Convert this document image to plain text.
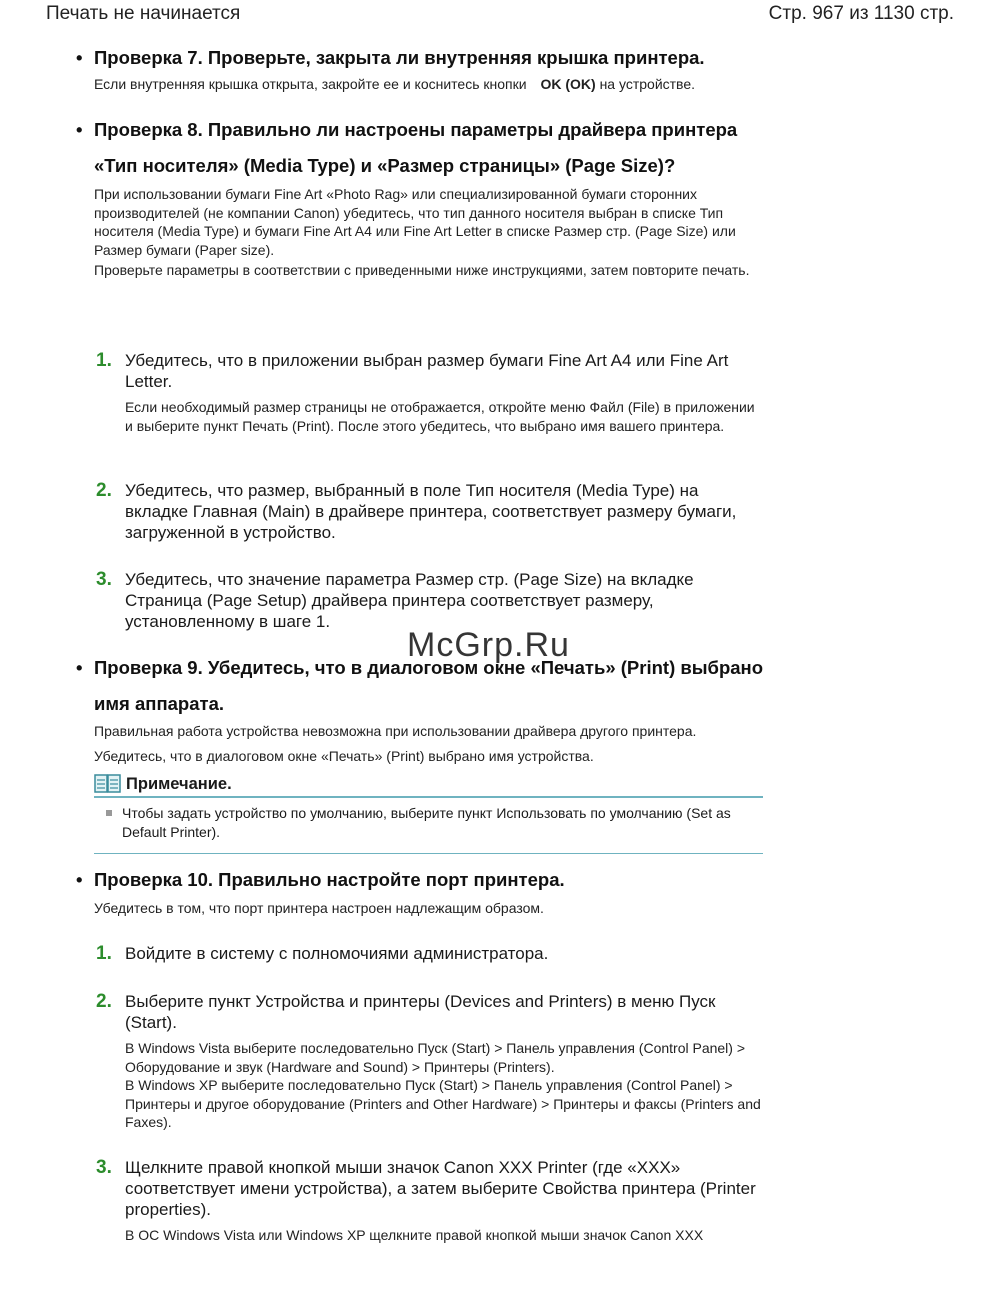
Печать не начинается	Стр. 967 из 1130 стр.
• Проверка 7. Проверьте, закрыта ли внутренняя крышка принтера.
Если внутренняя крышка открыта, закройте ее и коснитесь кнопки OK (OK) на устройстве.
• Проверка 8. Правильно ли настроены параметры драйвера принтера «Тип носителя» (Media Type) и «Размер страницы» (Page Size)?
При использовании бумаги Fine Art «Photo Rag» или специализированной бумаги сторонних производителей (не компании Canon) убедитесь, что тип данного носителя выбран в списке Тип носителя (Media Type) и бумаги Fine Art A4 или Fine Art Letter в списке Размер стр. (Page Size) или Размер бумаги (Paper size).
Проверьте параметры в соответствии с приведенными ниже инструкциями, затем повторите печать.
1. Убедитесь, что в приложении выбран размер бумаги Fine Art A4 или Fine Art Letter.
Если необходимый размер страницы не отображается, откройте меню Файл (File) в приложении и выберите пункт Печать (Print). После этого убедитесь, что выбрано имя вашего принтера.
2. Убедитесь, что размер, выбранный в поле Тип носителя (Media Type) на вкладке Главная (Main) в драйвере принтера, соответствует размеру бумаги, загруженной в устройство.
3. Убедитесь, что значение параметра Размер стр. (Page Size) на вкладке Страница (Page Setup) драйвера принтера соответствует размеру, установленному в шаге 1.
McGrp.Ru
• Проверка 9. Убедитесь, что в диалоговом окне «Печать» (Print) выбрано имя аппарата.
Правильная работа устройства невозможна при использовании драйвера другого принтера.
Убедитесь, что в диалоговом окне «Печать» (Print) выбрано имя устройства.
Примечание.
Чтобы задать устройство по умолчанию, выберите пункт Использовать по умолчанию (Set as Default Printer).
• Проверка 10. Правильно настройте порт принтера.
Убедитесь в том, что порт принтера настроен надлежащим образом.
1. Войдите в систему с полномочиями администратора.
2. Выберите пункт Устройства и принтеры (Devices and Printers) в меню Пуск (Start).
В Windows Vista выберите последовательно Пуск (Start) > Панель управления (Control Panel) > Оборудование и звук (Hardware and Sound) > Принтеры (Printers).
В Windows XP выберите последовательно Пуск (Start) > Панель управления (Control Panel) > Принтеры и другое оборудование (Printers and Other Hardware) > Принтеры и факсы (Printers and Faxes).
3. Щелкните правой кнопкой мыши значок Canon XXX Printer (где «XXX» соответствует имени устройства), а затем выберите Свойства принтера (Printer properties).
В ОС Windows Vista или Windows XP щелкните правой кнопкой мыши значок Canon XXX
